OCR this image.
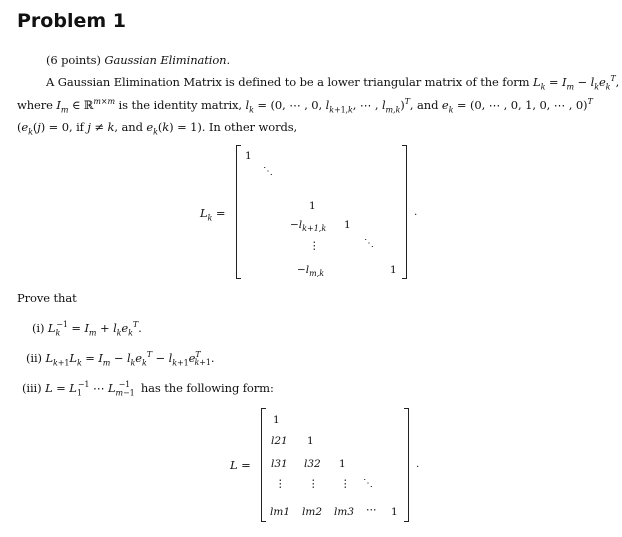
Problem 1
(6 points) Gaussian Elimination.
A Gaussian Elimination Matrix is defined to be a lower triangular matrix of the form $L_k = I_m - l_ke_k^T$,
where $I_m$ ∈ ℝ$^{m\times m}$ is the identity matrix, $l_k = (0$, ⋯ , 0, $l_{k+1,k}$, ⋯ , $l_{m,k})^T$, and $e_k = (0$, ⋯ , 0, 1, 0, ⋯ , 0)$^T$
($e_k(j) = 0$, if j ≠ k, and $e_k(k) = 1$). In other words,
$L_k$ =
1
⋱
1
$-l_{k+1,k}$ 1
⋮	⋱
$-l_{m,k}$	1
.
Prove that
(i) $L_k^{-1} = I_m + l_ke_k^T$.
(ii) $L_{k+1}L_k = I_m - l_ke_k^T - l_{k+1}e^T_{k+1}$.
(iii) $L = L_1^{-1}$ ⋯ $L_{m-1}^{-1}$ has the following form:
L =
1
l21 1
l31 l32 1
⋮ ⋮ ⋮ ⋱
lm1 lm2 lm3 ⋯ 1
.
